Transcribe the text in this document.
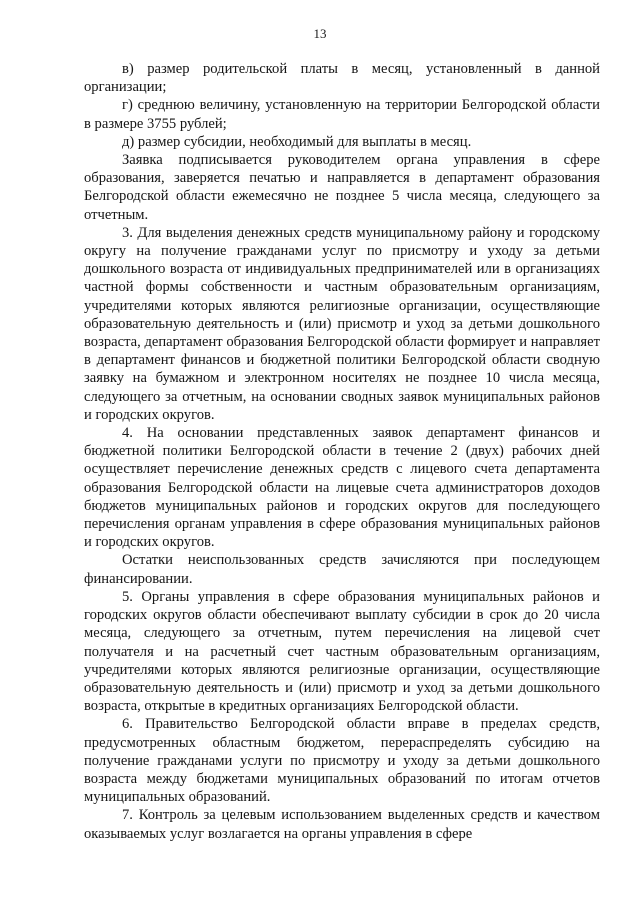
13

в) размер родительской платы в месяц, установленный в данной организации;

г) среднюю величину, установленную на территории Белгородской области в размере 3755 рублей;

д) размер субсидии, необходимый для выплаты в месяц.

Заявка подписывается руководителем органа управления в сфере образования, заверяется печатью и направляется в департамент образования Белгородской области ежемесячно не позднее 5 числа месяца, следующего за отчетным.

3. Для выделения денежных средств муниципальному району и городскому округу на получение гражданами услуг по присмотру и уходу за детьми дошкольного возраста от индивидуальных предпринимателей или в организациях частной формы собственности и частным образовательным организациям, учредителями которых являются религиозные организации, осуществляющие образовательную деятельность и (или) присмотр и уход за детьми дошкольного возраста, департамент образования Белгородской области формирует и направляет в департамент финансов и бюджетной политики Белгородской области сводную заявку на бумажном и электронном носителях не позднее 10 числа месяца, следующего за отчетным, на основании сводных заявок муниципальных районов и городских округов.

4. На основании представленных заявок департамент финансов и бюджетной политики Белгородской области в течение 2 (двух) рабочих дней осуществляет перечисление денежных средств с лицевого счета департамента образования Белгородской области на лицевые счета администраторов доходов бюджетов муниципальных районов и городских округов для последующего перечисления органам управления в сфере образования муниципальных районов и городских округов.

Остатки неиспользованных средств зачисляются при последующем финансировании.

5. Органы управления в сфере образования муниципальных районов и городских округов области обеспечивают выплату субсидии в срок до 20 числа месяца, следующего за отчетным, путем перечисления на лицевой счет получателя и на расчетный счет частным образовательным организациям, учредителями которых являются религиозные организации, осуществляющие образовательную деятельность и (или) присмотр и уход за детьми дошкольного возраста, открытые в кредитных организациях Белгородской области.

6. Правительство Белгородской области вправе в пределах средств, предусмотренных областным бюджетом, перераспределять субсидию на получение гражданами услуги по присмотру и уходу за детьми дошкольного возраста между бюджетами муниципальных образований по итогам отчетов муниципальных образований.

7. Контроль за целевым использованием выделенных средств и качеством оказываемых услуг возлагается на органы управления в сфере
